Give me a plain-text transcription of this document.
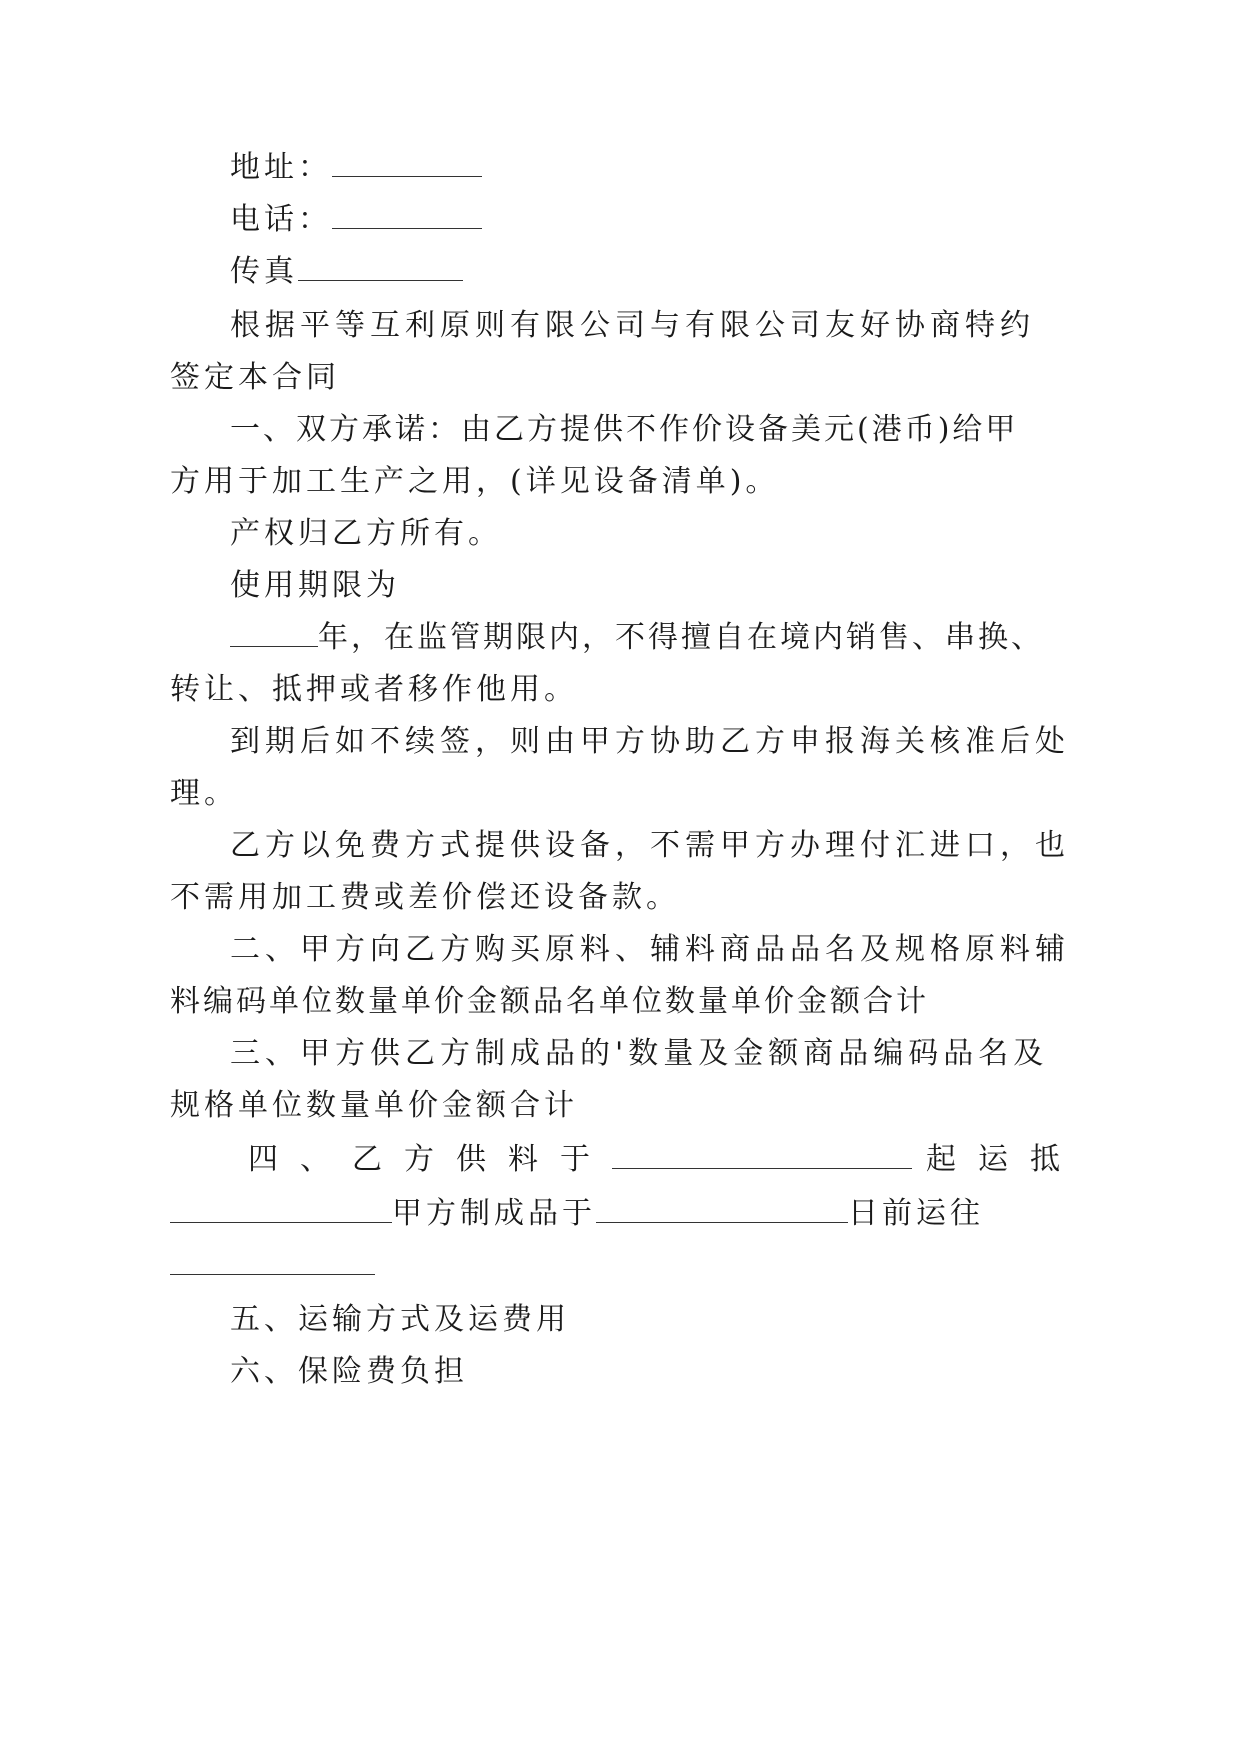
地址：
电话：
传真
根据平等互利原则有限公司与有限公司友好协商特约
签定本合同
一、双方承诺：由乙方提供不作价设备美元(港币)给甲
方用于加工生产之用，(详见设备清单)。
产权归乙方所有。
使用期限为
年，在监管期限内，不得擅自在境内销售、串换、
转让、抵押或者移作他用。
到期后如不续签，则由甲方协助乙方申报海关核准后处
理。
乙方以免费方式提供设备，不需甲方办理付汇进口，也
不需用加工费或差价偿还设备款。
二、甲方向乙方购买原料、辅料商品品名及规格原料辅
料编码单位数量单价金额品名单位数量单价金额合计
三、甲方供乙方制成品的'数量及金额商品编码品名及
规格单位数量单价金额合计
四、乙方供料于	起运抵
甲方制成品于	日前运往
五、运输方式及运费用
六、保险费负担
